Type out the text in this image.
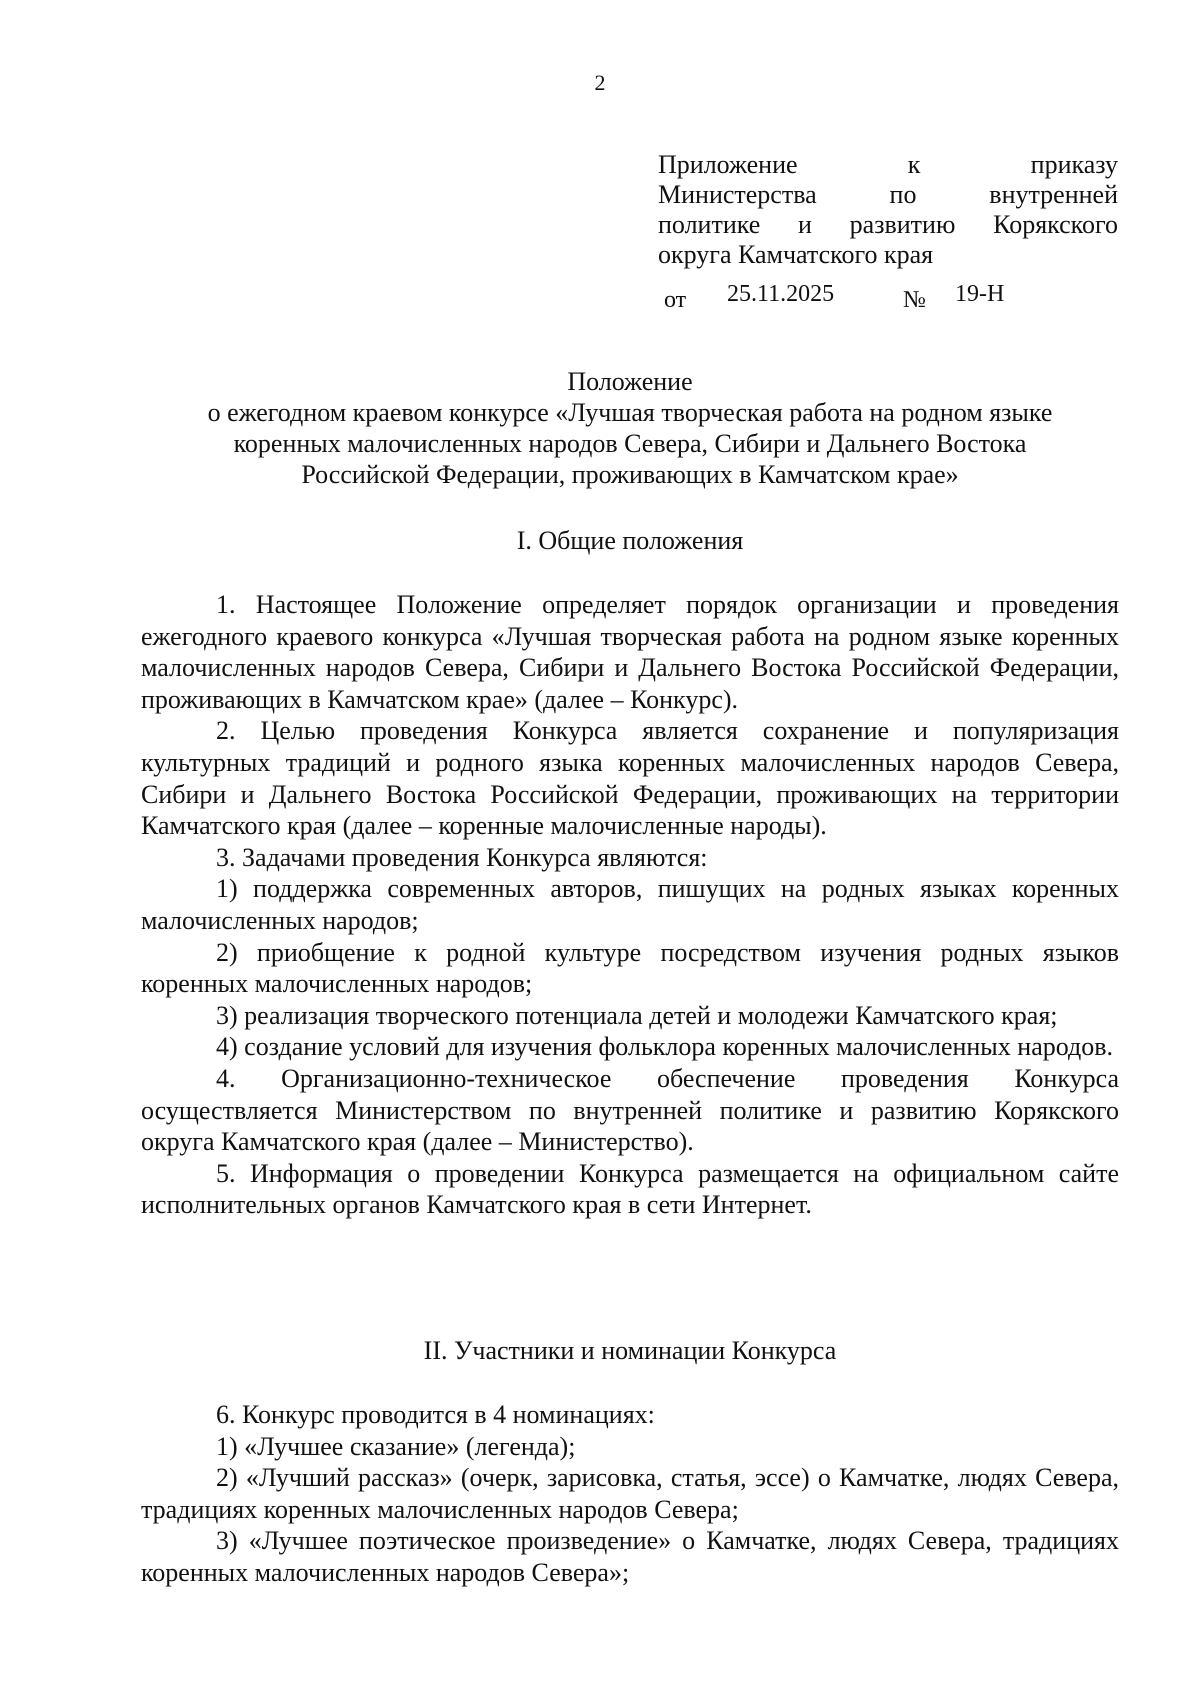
2
Приложение к приказу
Министерства по внутренней
политике и развитию Корякского
округа Камчатского края
от 25.11.2025	№ 19-Н
Положение
о ежегодном краевом конкурсе «Лучшая творческая работа на родном языке
коренных малочисленных народов Севера, Сибири и Дальнего Востока
Российской Федерации, проживающих в Камчатском крае»
I. Общие положения

1. Настоящее Положение определяет порядок организации и проведения ежегодного краевого конкурса «Лучшая творческая работа на родном языке коренных малочисленных народов Севера, Сибири и Дальнего Востока Российской Федерации, проживающих в Камчатском крае» (далее – Конкурс).

2. Целью проведения Конкурса является сохранение и популяризация культурных традиций и родного языка коренных малочисленных народов Севера, Сибири и Дальнего Востока Российской Федерации, проживающих на территории Камчатского края (далее – коренные малочисленные народы).

3. Задачами проведения Конкурса являются:

1) поддержка современных авторов, пишущих на родных языках коренных малочисленных народов;

2) приобщение к родной культуре посредством изучения родных языков коренных малочисленных народов;

3) реализация творческого потенциала детей и молодежи Камчатского края;

4) создание условий для изучения фольклора коренных малочисленных народов.

4. Организационно-техническое обеспечение проведения Конкурса осуществляется Министерством по внутренней политике и развитию Корякского округа Камчатского края (далее – Министерство).

5. Информация о проведении Конкурса размещается на официальном сайте исполнительных органов Камчатского края в сети Интернет.

II. Участники и номинации Конкурса

6. Конкурс проводится в 4 номинациях:

1) «Лучшее сказание» (легенда);

2) «Лучший рассказ» (очерк, зарисовка, статья, эссе) о Камчатке, людях Севера, традициях коренных малочисленных народов Севера;

3) «Лучшее поэтическое произведение» о Камчатке, людях Севера, традициях коренных малочисленных народов Севера»;
